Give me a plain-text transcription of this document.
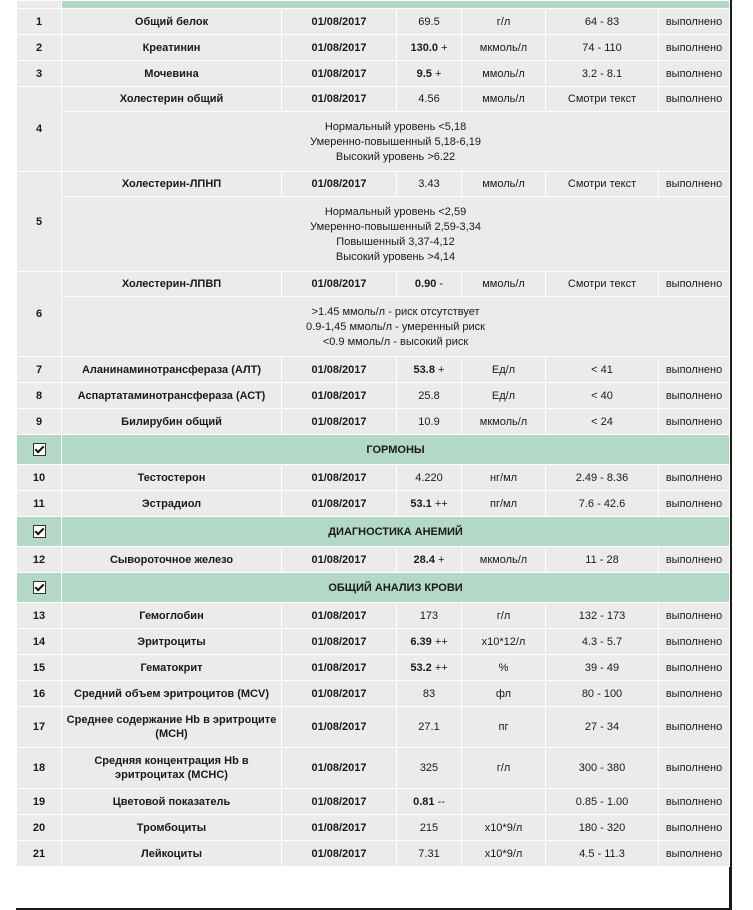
1	Общий белок	01/08/2017	69.5	г/л	64 - 83	выполнено
2	Креатинин	01/08/2017	130.0 +	мкмоль/л	74 - 110	выполнено
3	Мочевина	01/08/2017	9.5 +	ммоль/л	3.2 - 8.1	выполнено
4	Холестерин общий	01/08/2017	4.56	ммоль/л	Смотри текст	выполнено

	Нормальный уровень <5,18
Умеренно-повышенный 5,18-6,19
Высокий уровень >6.22					

5	Холестерин-ЛПНП	01/08/2017	3.43	ммоль/л	Смотри текст	выполнено

	Нормальный уровень <2,59
Умеренно-повышенный 2,59-3,34
Повышенный 3,37-4,12
Высокий уровень >4,14					

6	Холестерин-ЛПВП	01/08/2017	0.90 -	ммоль/л	Смотри текст	выполнено

	>1.45 ммоль/л - риск отсутствует
0.9-1,45 ммоль/л - умеренный риск
<0.9 ммоль/л - высокий риск					

7	Аланинаминотрансфераза (АЛТ)	01/08/2017	53.8 +	Ед/л	< 41	выполнено
8	Аспартатаминотрансфераза (АСТ)	01/08/2017	25.8	Ед/л	< 40	выполнено
9	Билирубин общий	01/08/2017	10.9	мкмоль/л	< 24	выполнено
	ГОРМОНЫ					
10	Тестостерон	01/08/2017	4.220	нг/мл	2.49 - 8.36	выполнено
11	Эстрадиол	01/08/2017	53.1 ++	пг/мл	7.6 - 42.6	выполнено
	ДИАГНОСТИКА АНЕМИЙ					
12	Сывороточное железо	01/08/2017	28.4 +	мкмоль/л	11 - 28	выполнено
	ОБЩИЙ АНАЛИЗ КРОВИ					
13	Гемоглобин	01/08/2017	173	г/л	132 - 173	выполнено
14	Эритроциты	01/08/2017	6.39 ++	x10*12/л	4.3 - 5.7	выполнено
15	Гематокрит	01/08/2017	53.2 ++	%	39 - 49	выполнено
16	Средний объем эритроцитов (MCV)	01/08/2017	83	фл	80 - 100	выполнено
17	Среднее содержание Hb в эритроците (MCH)	01/08/2017	27.1	пг	27 - 34	выполнено
18	Средняя концентрация Hb в эритроцитах (MCHC)	01/08/2017	325	г/л	300 - 380	выполнено
19	Цветовой показатель	01/08/2017	0.81 --		0.85 - 1.00	выполнено
20	Тромбоциты	01/08/2017	215	x10*9/л	180 - 320	выполнено
21	Лейкоциты	01/08/2017	7.31	x10*9/л	4.5 - 11.3	выполнено
